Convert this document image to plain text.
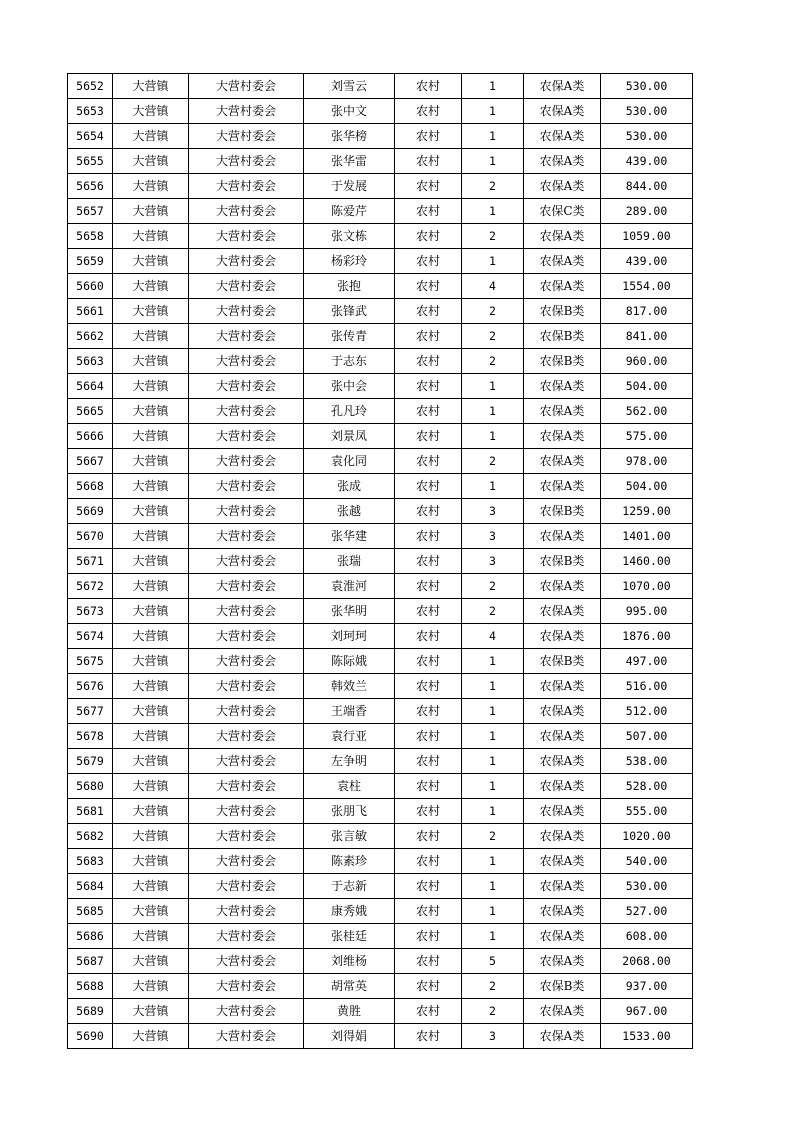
5652	大营镇	大营村委会	刘雪云	农村	1	农保A类	530.00
5653	大营镇	大营村委会	张中文	农村	1	农保A类	530.00
5654	大营镇	大营村委会	张华榜	农村	1	农保A类	530.00
5655	大营镇	大营村委会	张华雷	农村	1	农保A类	439.00
5656	大营镇	大营村委会	于发展	农村	2	农保A类	844.00
5657	大营镇	大营村委会	陈爱芹	农村	1	农保C类	289.00
5658	大营镇	大营村委会	张文栋	农村	2	农保A类	1059.00
5659	大营镇	大营村委会	杨彩玲	农村	1	农保A类	439.00
5660	大营镇	大营村委会	张抱	农村	4	农保A类	1554.00
5661	大营镇	大营村委会	张锋武	农村	2	农保B类	817.00
5662	大营镇	大营村委会	张传青	农村	2	农保B类	841.00
5663	大营镇	大营村委会	于志东	农村	2	农保B类	960.00
5664	大营镇	大营村委会	张中会	农村	1	农保A类	504.00
5665	大营镇	大营村委会	孔凡玲	农村	1	农保A类	562.00
5666	大营镇	大营村委会	刘景凤	农村	1	农保A类	575.00
5667	大营镇	大营村委会	袁化同	农村	2	农保A类	978.00
5668	大营镇	大营村委会	张成	农村	1	农保A类	504.00
5669	大营镇	大营村委会	张越	农村	3	农保B类	1259.00
5670	大营镇	大营村委会	张华建	农村	3	农保A类	1401.00
5671	大营镇	大营村委会	张瑞	农村	3	农保B类	1460.00
5672	大营镇	大营村委会	袁淮河	农村	2	农保A类	1070.00
5673	大营镇	大营村委会	张华明	农村	2	农保A类	995.00
5674	大营镇	大营村委会	刘珂珂	农村	4	农保A类	1876.00
5675	大营镇	大营村委会	陈际娥	农村	1	农保B类	497.00
5676	大营镇	大营村委会	韩效兰	农村	1	农保A类	516.00
5677	大营镇	大营村委会	王端香	农村	1	农保A类	512.00
5678	大营镇	大营村委会	袁行亚	农村	1	农保A类	507.00
5679	大营镇	大营村委会	左争明	农村	1	农保A类	538.00
5680	大营镇	大营村委会	袁柱	农村	1	农保A类	528.00
5681	大营镇	大营村委会	张朋飞	农村	1	农保A类	555.00
5682	大营镇	大营村委会	张言敏	农村	2	农保A类	1020.00
5683	大营镇	大营村委会	陈素珍	农村	1	农保A类	540.00
5684	大营镇	大营村委会	于志新	农村	1	农保A类	530.00
5685	大营镇	大营村委会	康秀娥	农村	1	农保A类	527.00
5686	大营镇	大营村委会	张桂廷	农村	1	农保A类	608.00
5687	大营镇	大营村委会	刘维杨	农村	5	农保A类	2068.00
5688	大营镇	大营村委会	胡常英	农村	2	农保B类	937.00
5689	大营镇	大营村委会	黄胜	农村	2	农保A类	967.00
5690	大营镇	大营村委会	刘得娟	农村	3	农保A类	1533.00
